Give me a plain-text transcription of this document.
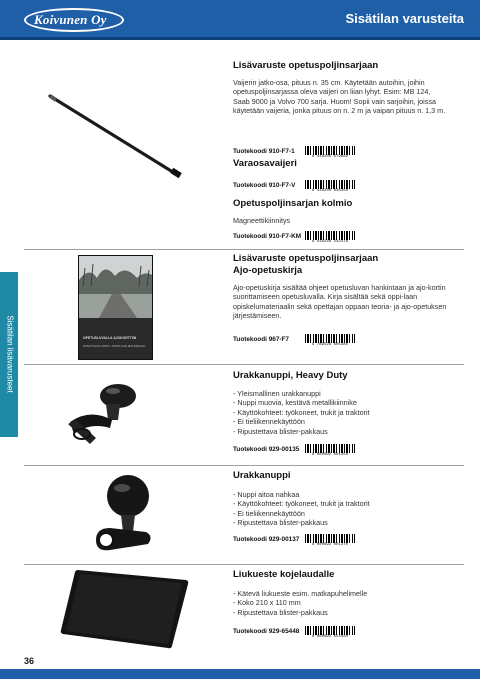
Koivunen Oy	Sisätilan varusteita
Sisätilan lisävarusteet
Lisävaruste opetuspoljinsarjaan
Vaijerin jatko-osa, pituus n. 35 cm. Käytetään autoihin, joihin opetuspoljinsarjassa oleva vaijeri on liian lyhyt. Esim: MB 124, Saab 9000 ja Volvo 700 sarja. Huom! Sopii vain sarjoihin, joissa käytetään vaijeria, jonka pituus on n. 2 m ja vaipan pituus n. 1,3 m.
Tuotekoodi 910-F7-1
6 416240 079882
Varaosavaijeri
Tuotekoodi 910-F7-V
6 416240 938350
Opetuspoljinsarjan kolmio
Magneettikiinnitys
Tuotekoodi 910-F7-KM
6 416240 242378
OPETUSLUVALLA AJOKORTTIIN
OPETTAJAN OPAS / OPPILAAN MATERIAALI
Lisävaruste opetuspoljinsarjaan Ajo-opetuskirja
Ajo-opetuskirja sisältää ohjeet opetusluvan hankintaan ja ajo-kortin suorittamiseen opetusluvalla. Kirja sisältää sekä oppi-laan opiskelumateriaalin sekä opettajan oppaan teoria- ja ajo-opetuksen järjestämiseen.
Tuotekoodi 967-F7
9 789526 605385
Urakkanuppi, Heavy Duty
- Yleismallinen urakkanuppi
- Nuppi muovia, kestävä metallikiinnike
- Käyttökohteet: työkoneet, trukit ja traktorit
- Ei tieliikennekäyttöön
- Ripustettava blister-pakkaus
Tuotekoodi 929-00135
8 000692 001356
Urakkanuppi
- Nuppi aitoa nahkaa
- Käyttökohteet: työkoneet, trukit ja traktorit
- Ei tieliikennekäyttöön
- Ripustettava blister-pakkaus
Tuotekoodi 929-00137
8 000692 001370
Liukueste kojelaudalle
- Kätevä liukueste esim. matkapuhelimelle
- Koko 210 x 110 mm
- Ripustettava blister-pakkaus
Tuotekoodi 929-65448
8 000692 654484
36
